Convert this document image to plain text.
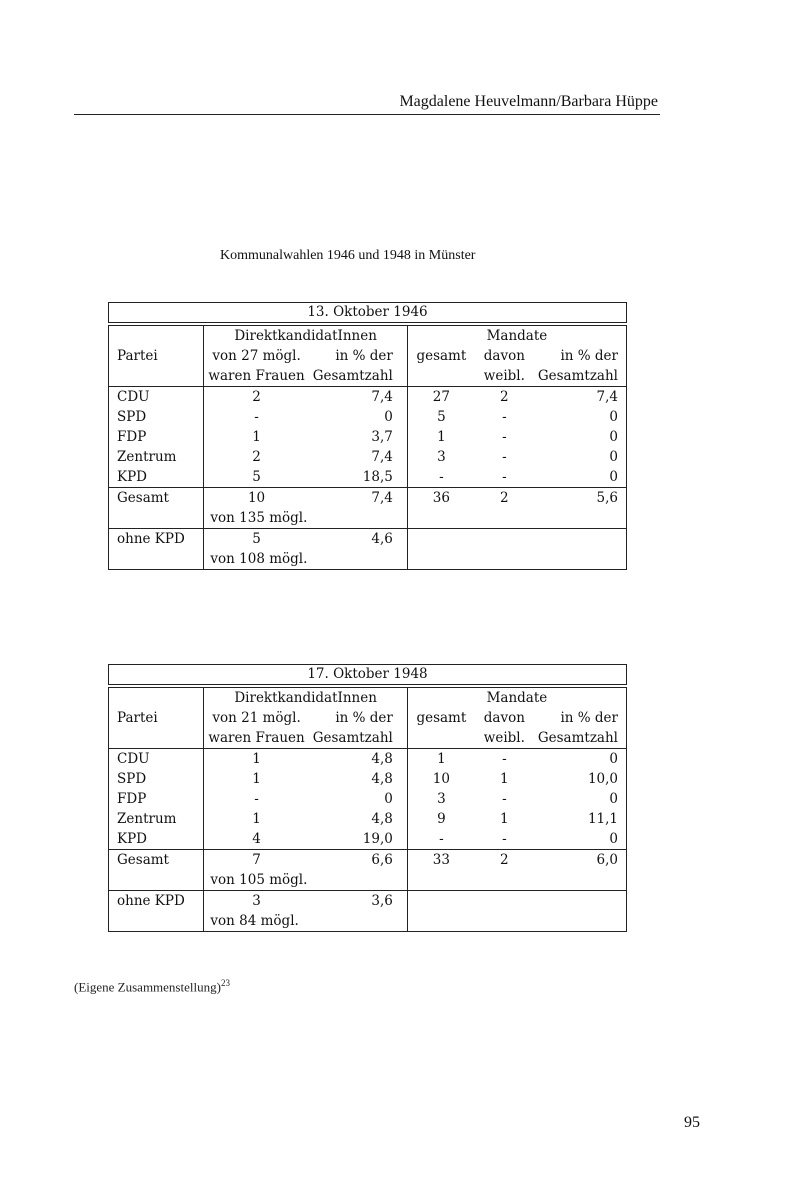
Magdalene Heuvelmann/Barbara Hüppe
Kommunalwahlen 1946 und 1948 in Münster
13. Oktober 1946
	DirektkandidatInnen		Mandate		
Partei	von 27 mögl.	in % der	gesamt	davon	in % der
	waren Frauen	Gesamtzahl		weibl.	Gesamtzahl
CDU	2	7,4	27	2	7,4
SPD	-	0	5	-	0
FDP	1	3,7	1	-	0
Zentrum	2	7,4	3	-	0
KPD	5	18,5	-	-	0
Gesamt	10	7,4	36	2	5,6
	von 135 mögl.				
ohne KPD	5	4,6			
	von 108 mögl.				
17. Oktober 1948
	DirektkandidatInnen		Mandate		
Partei	von 21 mögl.	in % der	gesamt	davon	in % der
	waren Frauen	Gesamtzahl		weibl.	Gesamtzahl
CDU	1	4,8	1	-	0
SPD	1	4,8	10	1	10,0
FDP	-	0	3	-	0
Zentrum	1	4,8	9	1	11,1
KPD	4	19,0	-	-	0
Gesamt	7	6,6	33	2	6,0
	von 105 mögl.				
ohne KPD	3	3,6			
	von 84 mögl.				
(Eigene Zusammenstellung)$^{23}$
95
